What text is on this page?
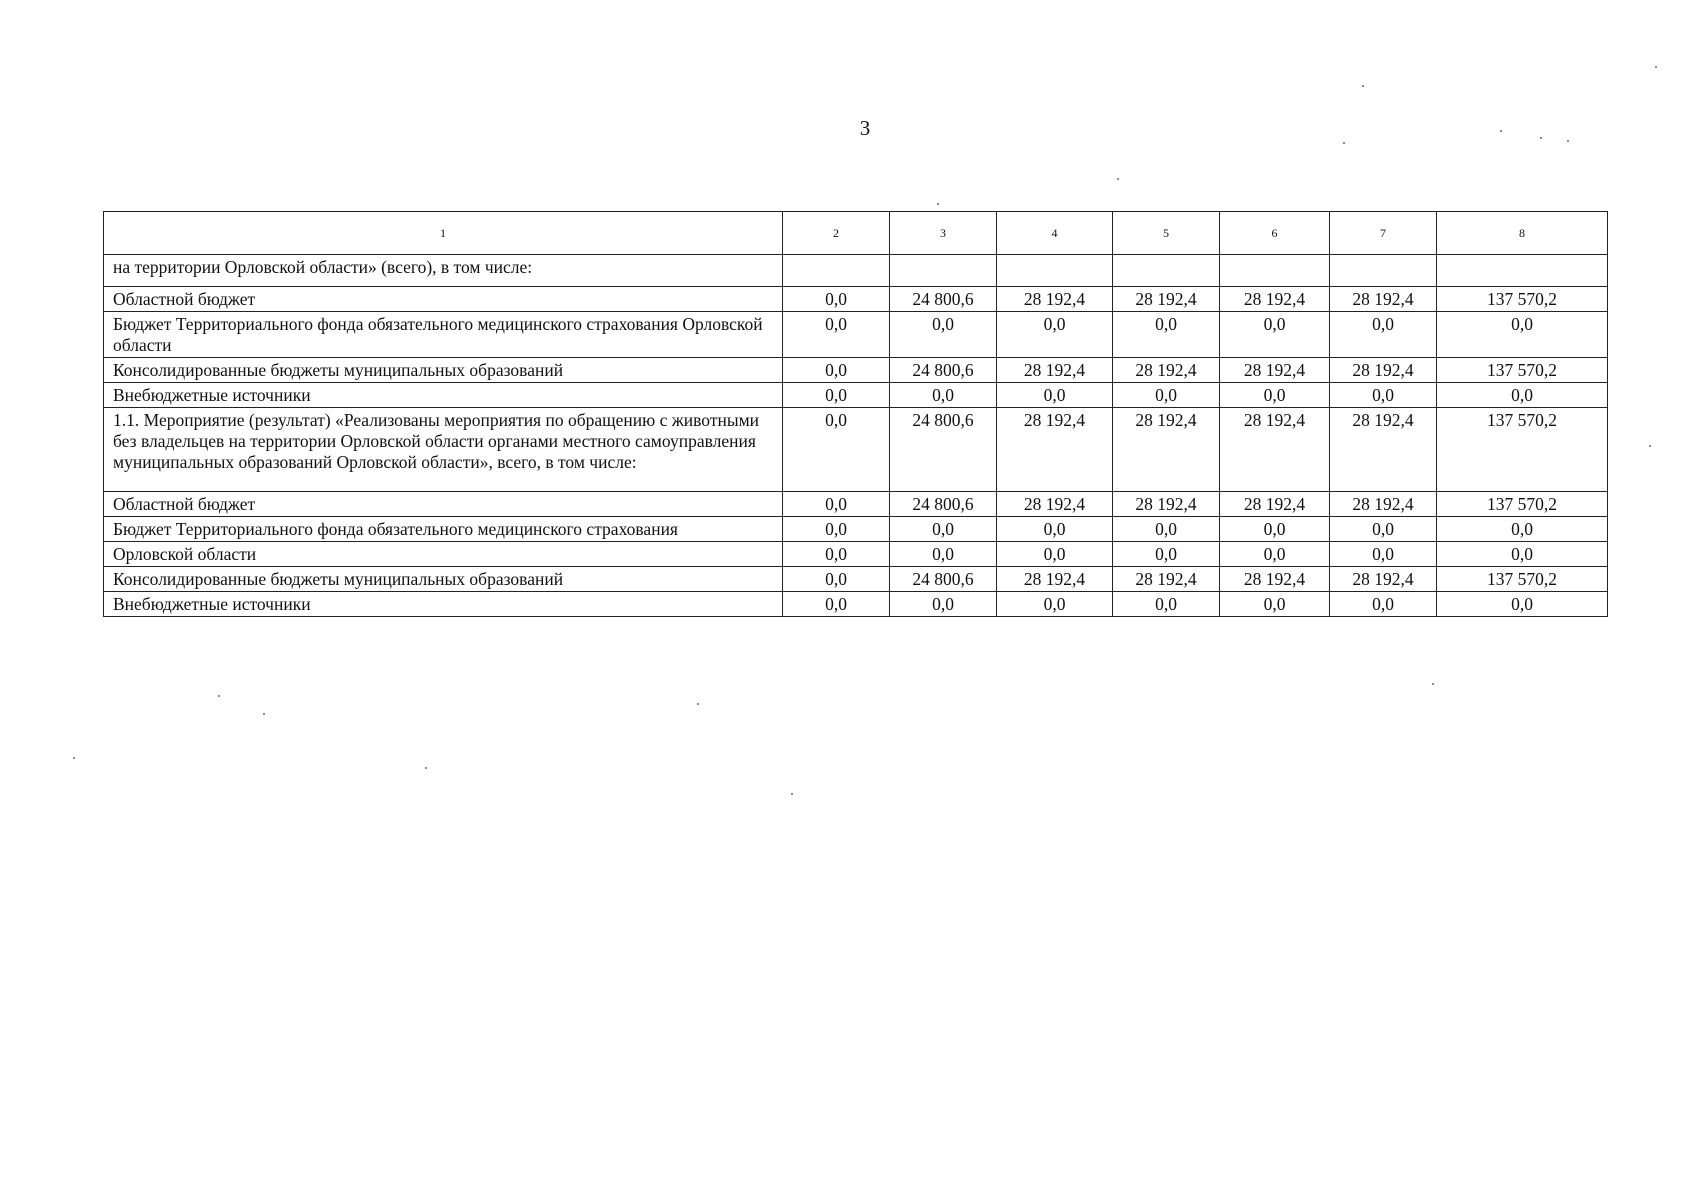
3
1	2	3	4	5	6	7	8
на территории Орловской области» (всего), в том числе:							
Областной бюджет	0,0	24 800,6	28 192,4	28 192,4	28 192,4	28 192,4	137 570,2
Бюджет Территориального фонда обязательного медицинского страхования Орловской области	0,0	0,0	0,0	0,0	0,0	0,0	0,0
Консолидированные бюджеты муниципальных образований	0,0	24 800,6	28 192,4	28 192,4	28 192,4	28 192,4	137 570,2
Внебюджетные источники	0,0	0,0	0,0	0,0	0,0	0,0	0,0
1.1. Мероприятие (результат) «Реализованы мероприятия по обращению с животными без владельцев на территории Орловской области органами местного самоуправления муниципальных образований Орловской области», всего, в том числе:	0,0	24 800,6	28 192,4	28 192,4	28 192,4	28 192,4	137 570,2
Областной бюджет	0,0	24 800,6	28 192,4	28 192,4	28 192,4	28 192,4	137 570,2
Бюджет Территориального фонда обязательного медицинского страхования	0,0	0,0	0,0	0,0	0,0	0,0	0,0
Орловской области	0,0	0,0	0,0	0,0	0,0	0,0	0,0
Консолидированные бюджеты муниципальных образований	0,0	24 800,6	28 192,4	28 192,4	28 192,4	28 192,4	137 570,2
Внебюджетные источники	0,0	0,0	0,0	0,0	0,0	0,0	0,0
